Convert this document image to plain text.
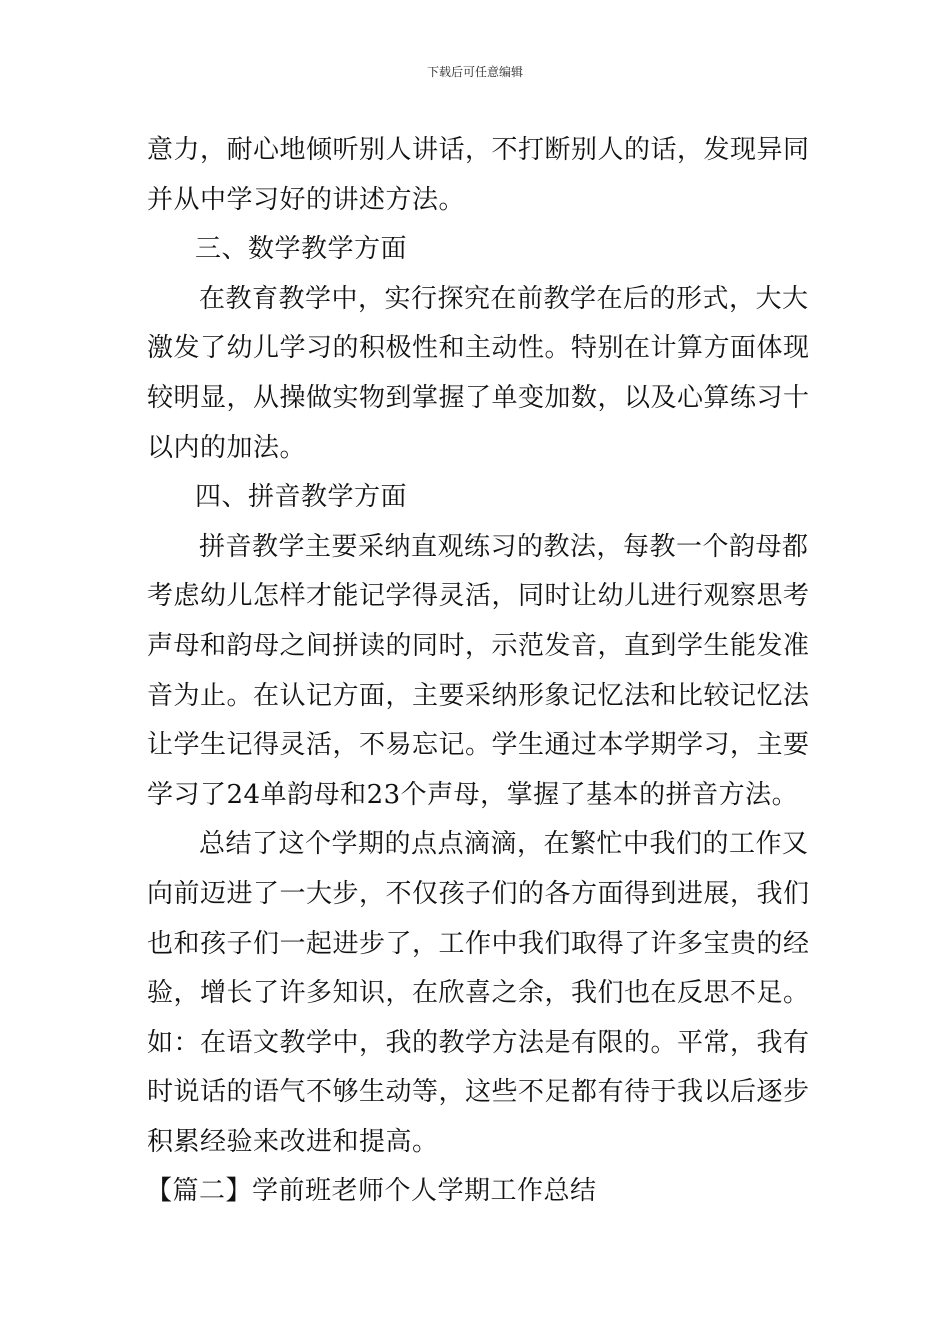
下载后可任意编辑
意力，耐心地倾听别人讲话，不打断别人的话，发现异同
并从中学习好的讲述方法。
三、数学教学方面
在教育教学中，实行探究在前教学在后的形式，大大
激发了幼儿学习的积极性和主动性。特别在计算方面体现
较明显，从操做实物到掌握了单变加数，以及心算练习十
以内的加法。
四、拼音教学方面
拼音教学主要采纳直观练习的教法，每教一个韵母都
考虑幼儿怎样才能记学得灵活，同时让幼儿进行观察思考
声母和韵母之间拼读的同时，示范发音，直到学生能发准
音为止。在认记方面，主要采纳形象记忆法和比较记忆法
让学生记得灵活，不易忘记。学生通过本学期学习，主要
学习了24单韵母和23个声母，掌握了基本的拼音方法。
总结了这个学期的点点滴滴，在繁忙中我们的工作又
向前迈进了一大步，不仅孩子们的各方面得到进展，我们
也和孩子们一起进步了，工作中我们取得了许多宝贵的经
验，增长了许多知识，在欣喜之余，我们也在反思不足。
如：在语文教学中，我的教学方法是有限的。平常，我有
时说话的语气不够生动等，这些不足都有待于我以后逐步
积累经验来改进和提高。
【篇二】学前班老师个人学期工作总结
